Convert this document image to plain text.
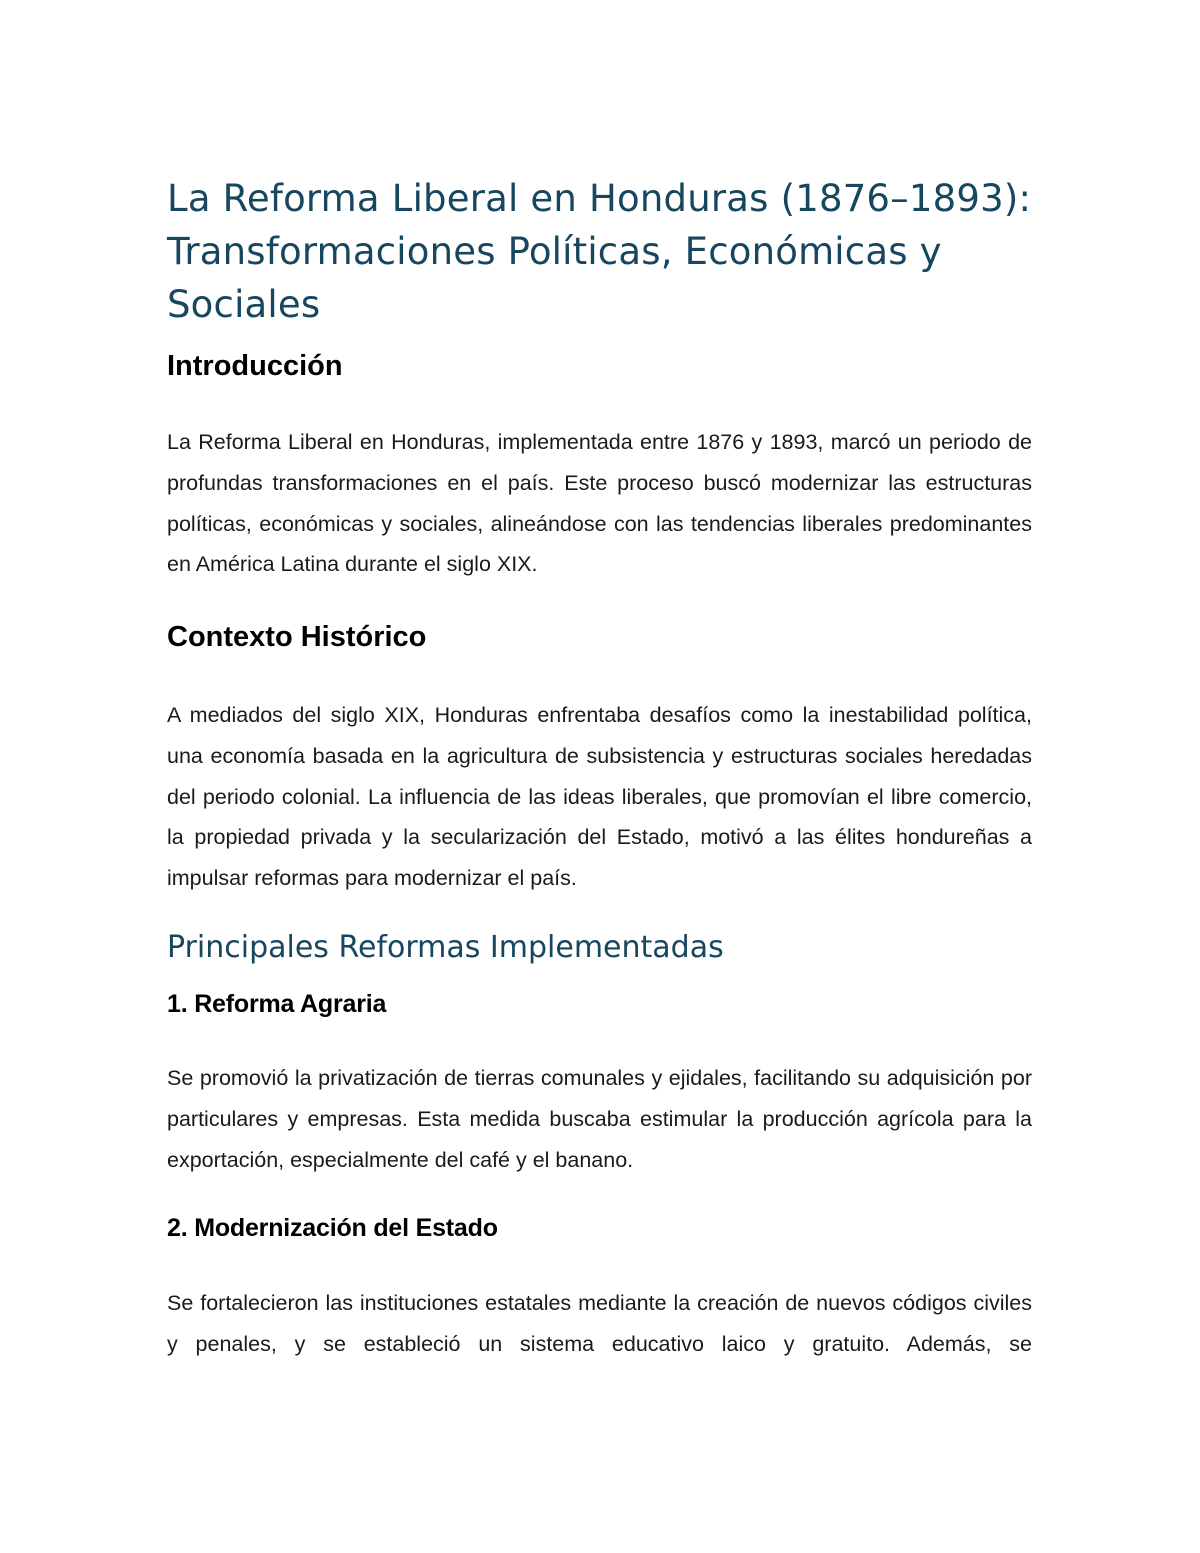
La Reforma Liberal en Honduras (1876–1893): Transformaciones Políticas, Económicas y Sociales
Introducción

La Reforma Liberal en Honduras, implementada entre 1876 y 1893, marcó un periodo de profundas transformaciones en el país. Este proceso buscó modernizar las estructuras políticas, económicas y sociales, alineándose con las tendencias liberales predominantes en América Latina durante el siglo XIX.

Contexto Histórico

A mediados del siglo XIX, Honduras enfrentaba desafíos como la inestabilidad política, una economía basada en la agricultura de subsistencia y estructuras sociales heredadas del periodo colonial. La influencia de las ideas liberales, que promovían el libre comercio, la propiedad privada y la secularización del Estado, motivó a las élites hondureñas a impulsar reformas para modernizar el país.

Principales Reformas Implementadas
1. Reforma Agraria

Se promovió la privatización de tierras comunales y ejidales, facilitando su adquisición por particulares y empresas. Esta medida buscaba estimular la producción agrícola para la exportación, especialmente del café y el banano.

2. Modernización del Estado

Se fortalecieron las instituciones estatales mediante la creación de nuevos códigos civiles y penales, y se estableció un sistema educativo laico y gratuito. Además, se
